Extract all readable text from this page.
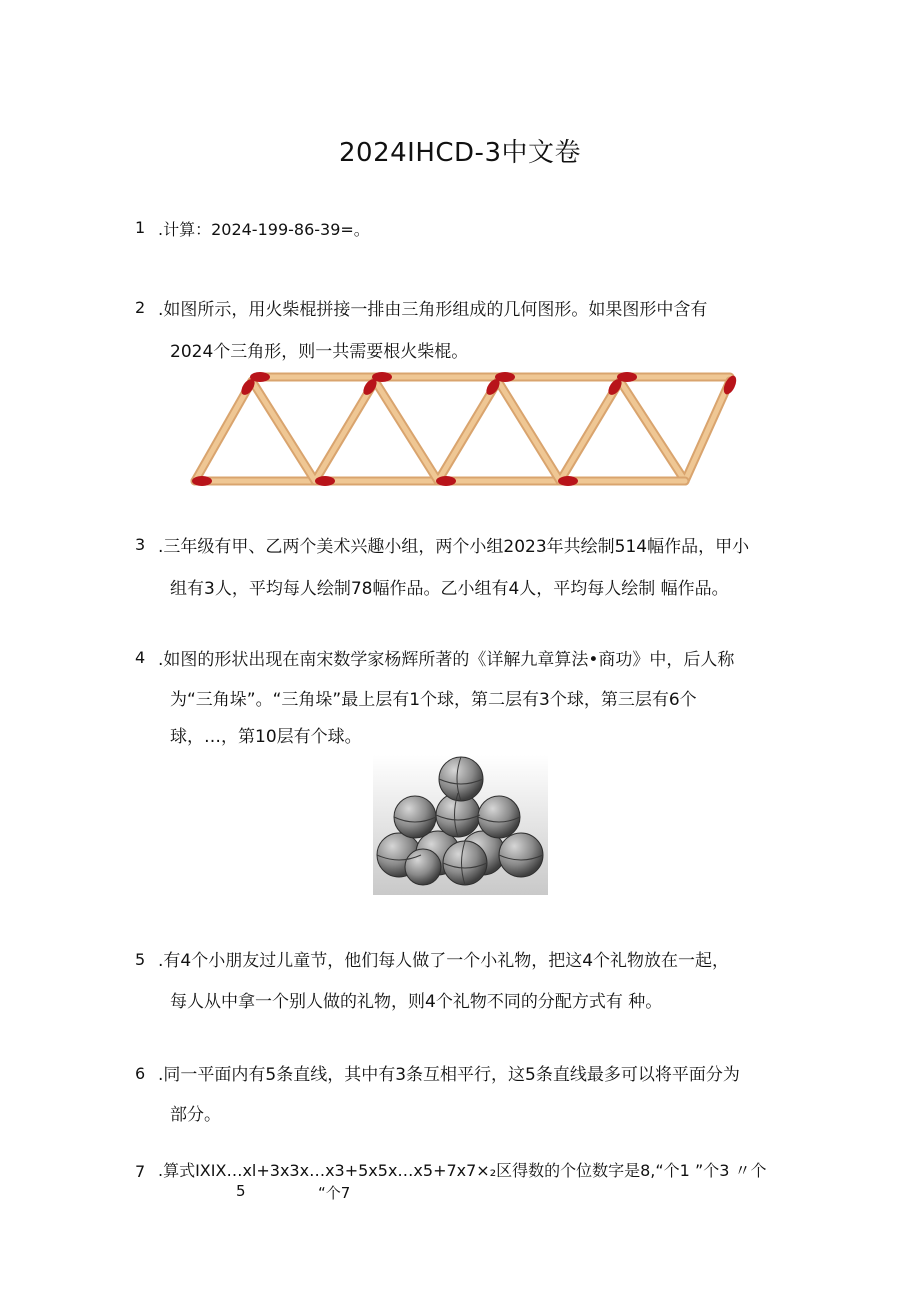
2024IHCD-3中文卷
1 .计算：2024-199-86-39=。
2 .如图所示，用火柴棍拼接一排由三角形组成的几何图形。如果图形中含有
2024个三角形，则一共需要根火柴棍。
3 .三年级有甲、乙两个美术兴趣小组，两个小组2023年共绘制514幅作品，甲小
组有3人，平均每人绘制78幅作品。乙小组有4人，平均每人绘制 幅作品。
4 .如图的形状出现在南宋数学家杨辉所著的《详解九章算法•商功》中，后人称
为“三角垛”。“三角垛”最上层有1个球，第二层有3个球，第三层有6个
球，…，第10层有个球。
5 .有4个小朋友过儿童节，他们每人做了一个小礼物，把这4个礼物放在一起，
每人从中拿一个别人做的礼物，则4个礼物不同的分配方式有 种。
6 .同一平面内有5条直线，其中有3条互相平行，这5条直线最多可以将平面分为
部分。
7 .算式IXIX…xl+3x3x…x3+5x5x…x5+7x7×₂区得数的个位数字是8,“个1 ”个3 〃个
5	“个7
